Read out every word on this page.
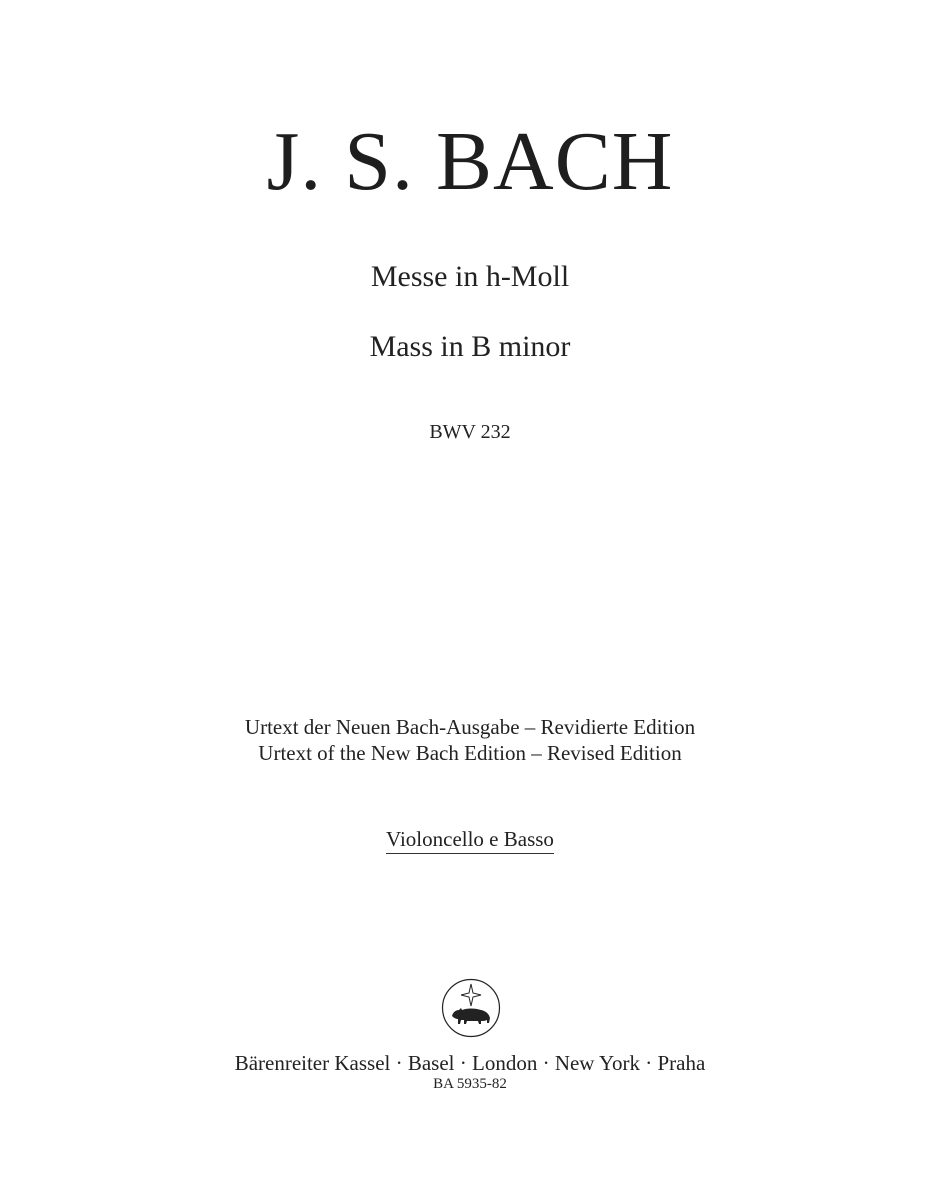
J. S. BACH
Messe in h-Moll
Mass in B minor
BWV 232
Urtext der Neuen Bach-Ausgabe – Revidierte Edition
Urtext of the New Bach Edition – Revised Edition
Violoncello e Basso
Bärenreiter Kassel · Basel · London · New York · Praha
BA 5935-82
